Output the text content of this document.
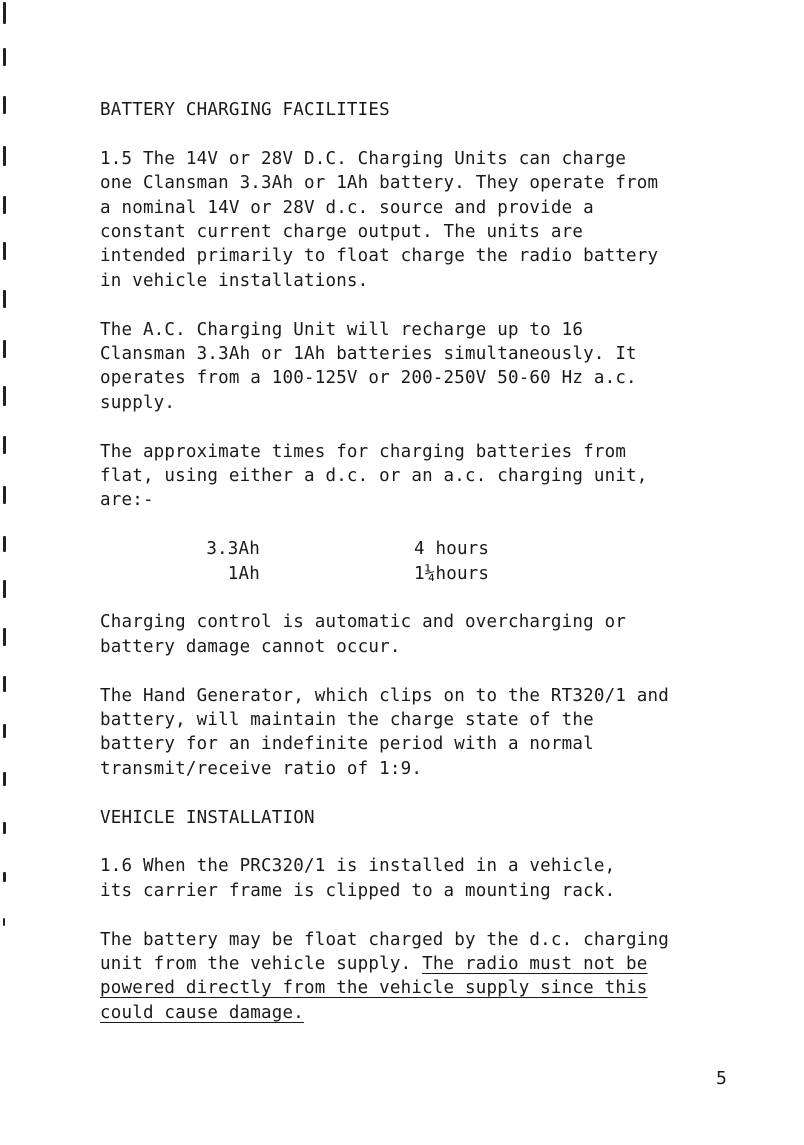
BATTERY CHARGING FACILITIES
1.5 The 14V or 28V D.C. Charging Units can charge
one Clansman 3.3Ah or 1Ah battery. They operate from
a nominal 14V or 28V d.c. source and provide a
constant current charge output. The units are
intended primarily to float charge the radio battery
in vehicle installations.
The A.C. Charging Unit will recharge up to 16
Clansman 3.3Ah or 1Ah batteries simultaneously. It
operates from a 100-125V or 200-250V 50-60 Hz a.c.
supply.
The approximate times for charging batteries from
flat, using either a d.c. or an a.c. charging unit,
are:-
3.3Ah	4 hours
1Ah	1¼hours
Charging control is automatic and overcharging or
battery damage cannot occur.
The Hand Generator, which clips on to the RT320/1 and
battery, will maintain the charge state of the
battery for an indefinite period with a normal
transmit/receive ratio of 1:9.
VEHICLE INSTALLATION
1.6 When the PRC320/1 is installed in a vehicle,
its carrier frame is clipped to a mounting rack.
The battery may be float charged by the d.c. charging
unit from the vehicle supply. The radio must not be
powered directly from the vehicle supply since this
could cause damage.
5
